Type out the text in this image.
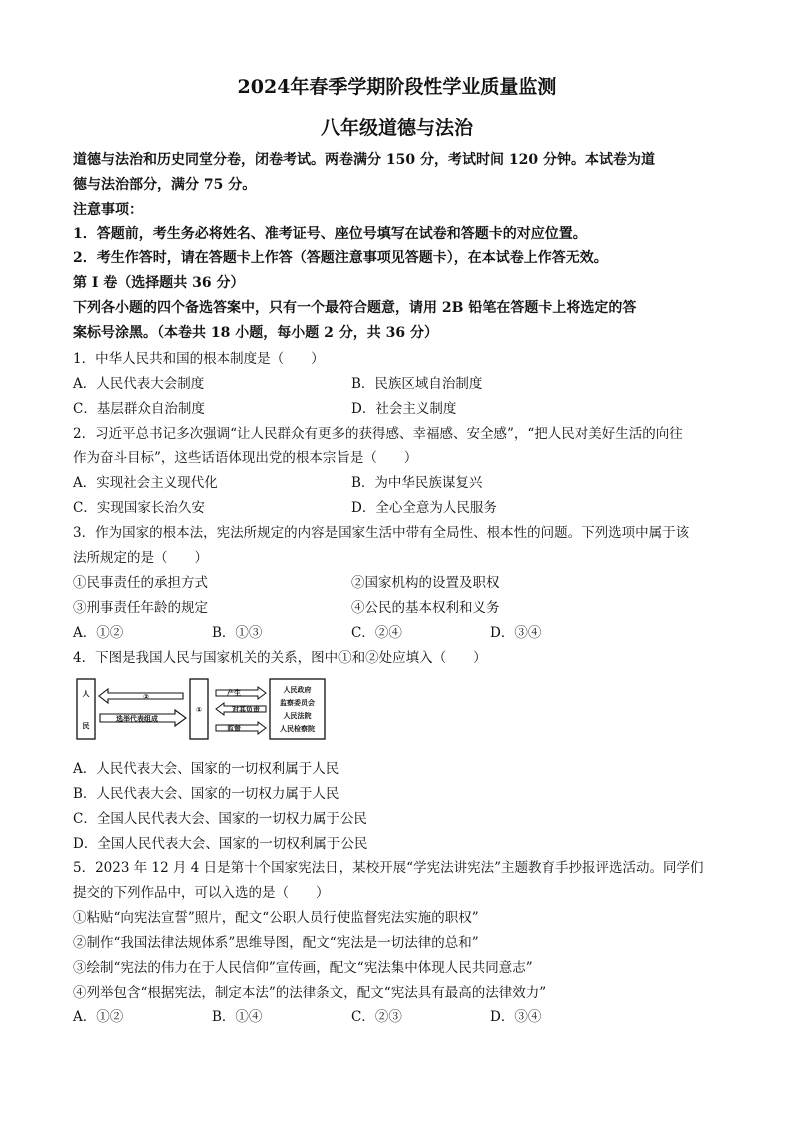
2024年春季学期阶段性学业质量监测
八年级道德与法治
道德与法治和历史同堂分卷，闭卷考试。两卷满分 150 分，考试时间 120 分钟。本试卷为道
德与法治部分，满分 75 分。
注意事项：
1．答题前，考生务必将姓名、准考证号、座位号填写在试卷和答题卡的对应位置。
2．考生作答时，请在答题卡上作答（答题注意事项见答题卡），在本试卷上作答无效。
第 I 卷（选择题共 36 分）
下列各小题的四个备选答案中，只有一个最符合题意，请用 2B 铅笔在答题卡上将选定的答
案标号涂黑。（本卷共 18 小题，每小题 2 分，共 36 分）
1．中华人民共和国的根本制度是（　　）
A．人民代表大会制度	B．民族区域自治制度
C．基层群众自治制度	D．社会主义制度
2．习近平总书记多次强调“让人民群众有更多的获得感、幸福感、安全感”，“把人民对美好生活的向往
作为奋斗目标”，这些话语体现出党的根本宗旨是（　　）
A．实现社会主义现代化	B．为中华民族谋复兴
C．实现国家长治久安	D．全心全意为人民服务
3．作为国家的根本法，宪法所规定的内容是国家生活中带有全局性、根本性的问题。下列选项中属于该
法所规定的是（　　）
①民事责任的承担方式	②国家机构的设置及职权
③刑事责任年龄的规定	④公民的基本权利和义务
A．①②	B．①③	C．②④	D．③④
4．下图是我国人民与国家机关的关系，图中①和②处应填入（　　）
人
民
②
选举代表组成
①
产生
对其负责
监督
人民政府
监察委员会
人民法院
人民检察院
A．人民代表大会、国家的一切权利属于人民
B．人民代表大会、国家的一切权力属于人民
C．全国人民代表大会、国家的一切权力属于公民
D．全国人民代表大会、国家的一切权利属于公民
5．2023 年 12 月 4 日是第十个国家宪法日，某校开展“学宪法讲宪法”主题教育手抄报评选活动。同学们
提交的下列作品中，可以入选的是（　　）
①粘贴“向宪法宣誓”照片，配文“公职人员行使监督宪法实施的职权”
②制作“我国法律法规体系”思维导图，配文“宪法是一切法律的总和”
③绘制“宪法的伟力在于人民信仰”宣传画，配文“宪法集中体现人民共同意志”
④列举包含“根据宪法，制定本法”的法律条文，配文“宪法具有最高的法律效力”
A．①②	B．①④	C．②③	D．③④
